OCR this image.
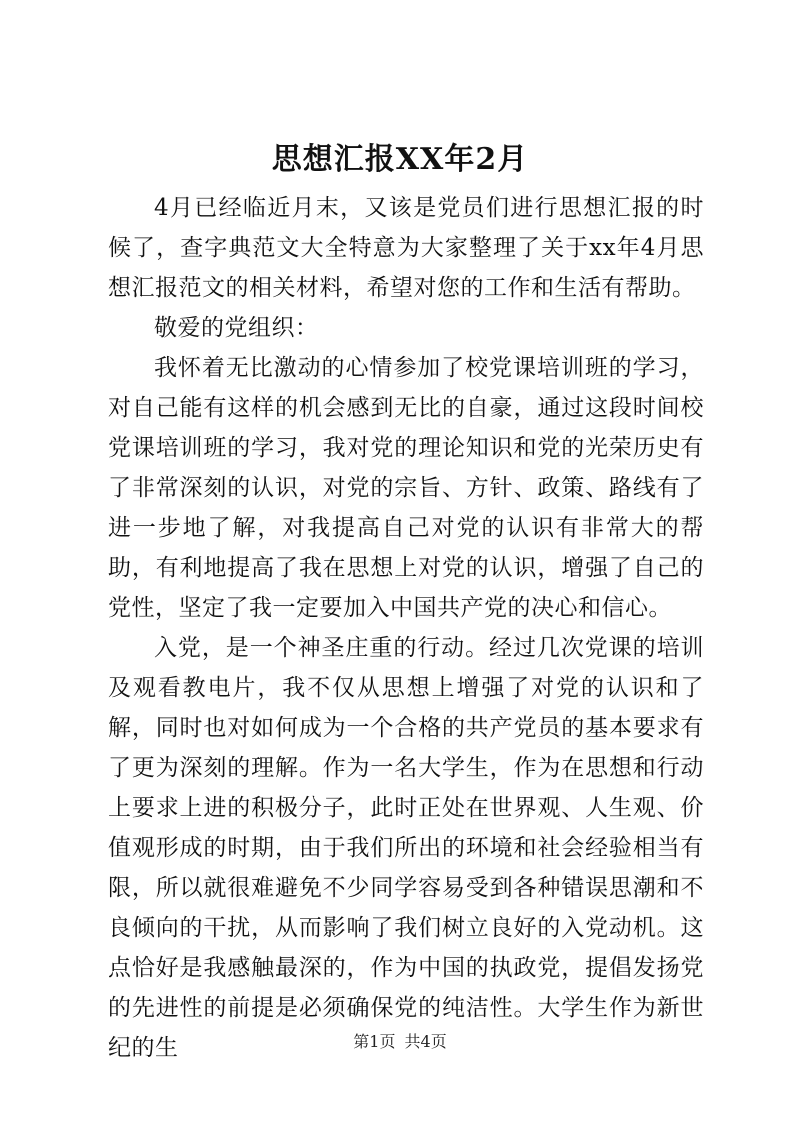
思想汇报XX年2月

4月已经临近月末，又该是党员们进行思想汇报的时候了，查字典范文大全特意为大家整理了关于xx年4月思想汇报范文的相关材料，希望对您的工作和生活有帮助。

敬爱的党组织：

我怀着无比激动的心情参加了校党课培训班的学习，对自己能有这样的机会感到无比的自豪，通过这段时间校党课培训班的学习，我对党的理论知识和党的光荣历史有了非常深刻的认识，对党的宗旨、方针、政策、路线有了进一步地了解，对我提高自己对党的认识有非常大的帮助，有利地提高了我在思想上对党的认识，增强了自己的党性，坚定了我一定要加入中国共产党的决心和信心。

入党，是一个神圣庄重的行动。经过几次党课的培训及观看教电片，我不仅从思想上增强了对党的认识和了解，同时也对如何成为一个合格的共产党员的基本要求有了更为深刻的理解。作为一名大学生，作为在思想和行动上要求上进的积极分子，此时正处在世界观、人生观、价值观形成的时期，由于我们所出的环境和社会经验相当有限，所以就很难避免不少同学容易受到各种错误思潮和不良倾向的干扰，从而影响了我们树立良好的入党动机。这点恰好是我感触最深的，作为中国的执政党，提倡发扬党的先进性的前提是必须确保党的纯洁性。大学生作为新世纪的生	第1页 共4页
